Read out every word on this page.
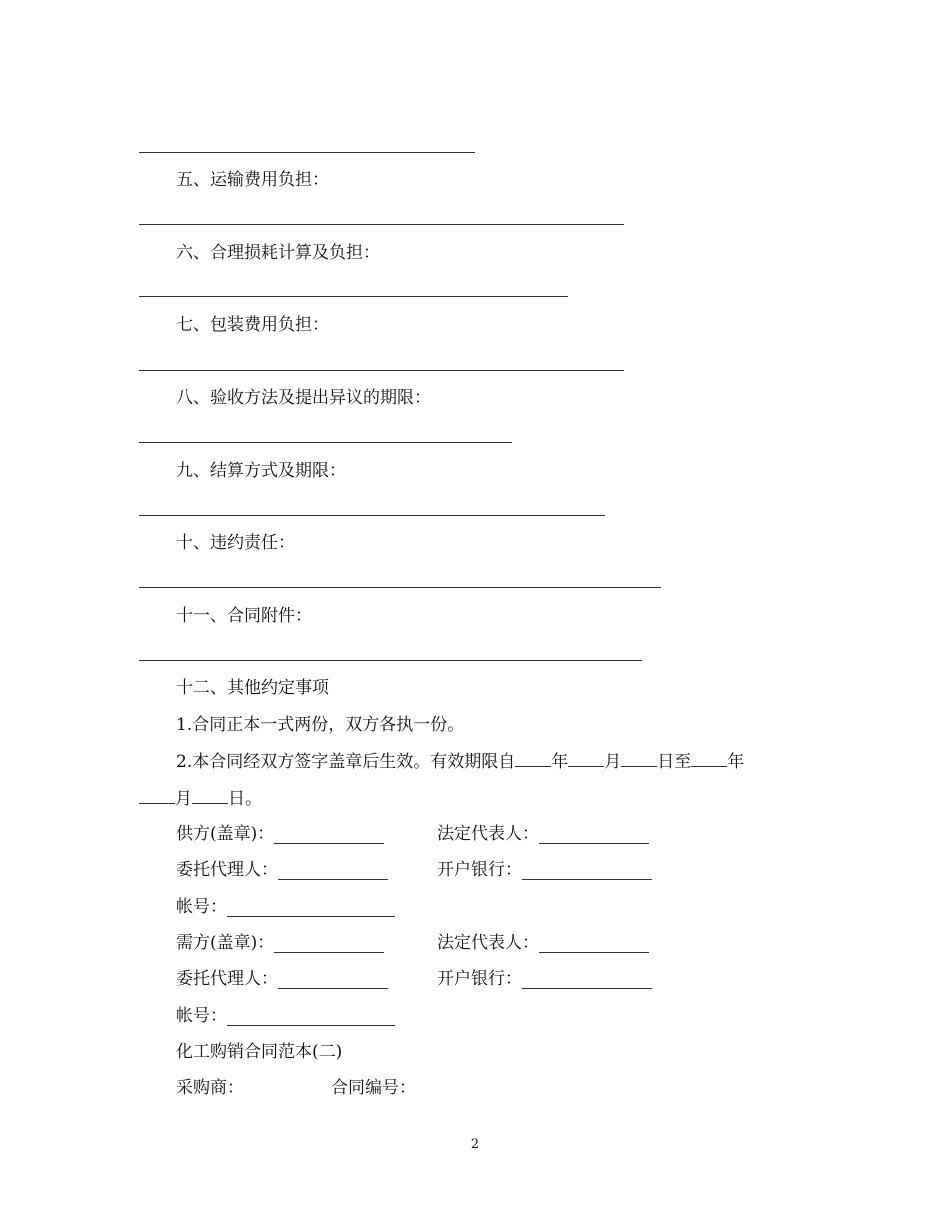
五、运输费用负担：
六、合理损耗计算及负担：
七、包装费用负担：
八、验收方法及提出异议的期限：
九、结算方式及期限：
十、违约责任：
十一、合同附件：
十二、其他约定事项
1.合同正本一式两份，双方各执一份。
2.本合同经双方签字盖章后生效。有效期限自 年 月 日至 年
月 日。
供方(盖章)：	法定代表人：
委托代理人：	开户银行：
帐号：
需方(盖章)：	法定代表人：
委托代理人：	开户银行：
帐号：
化工购销合同范本(二)
采购商：	合同编号：
2
